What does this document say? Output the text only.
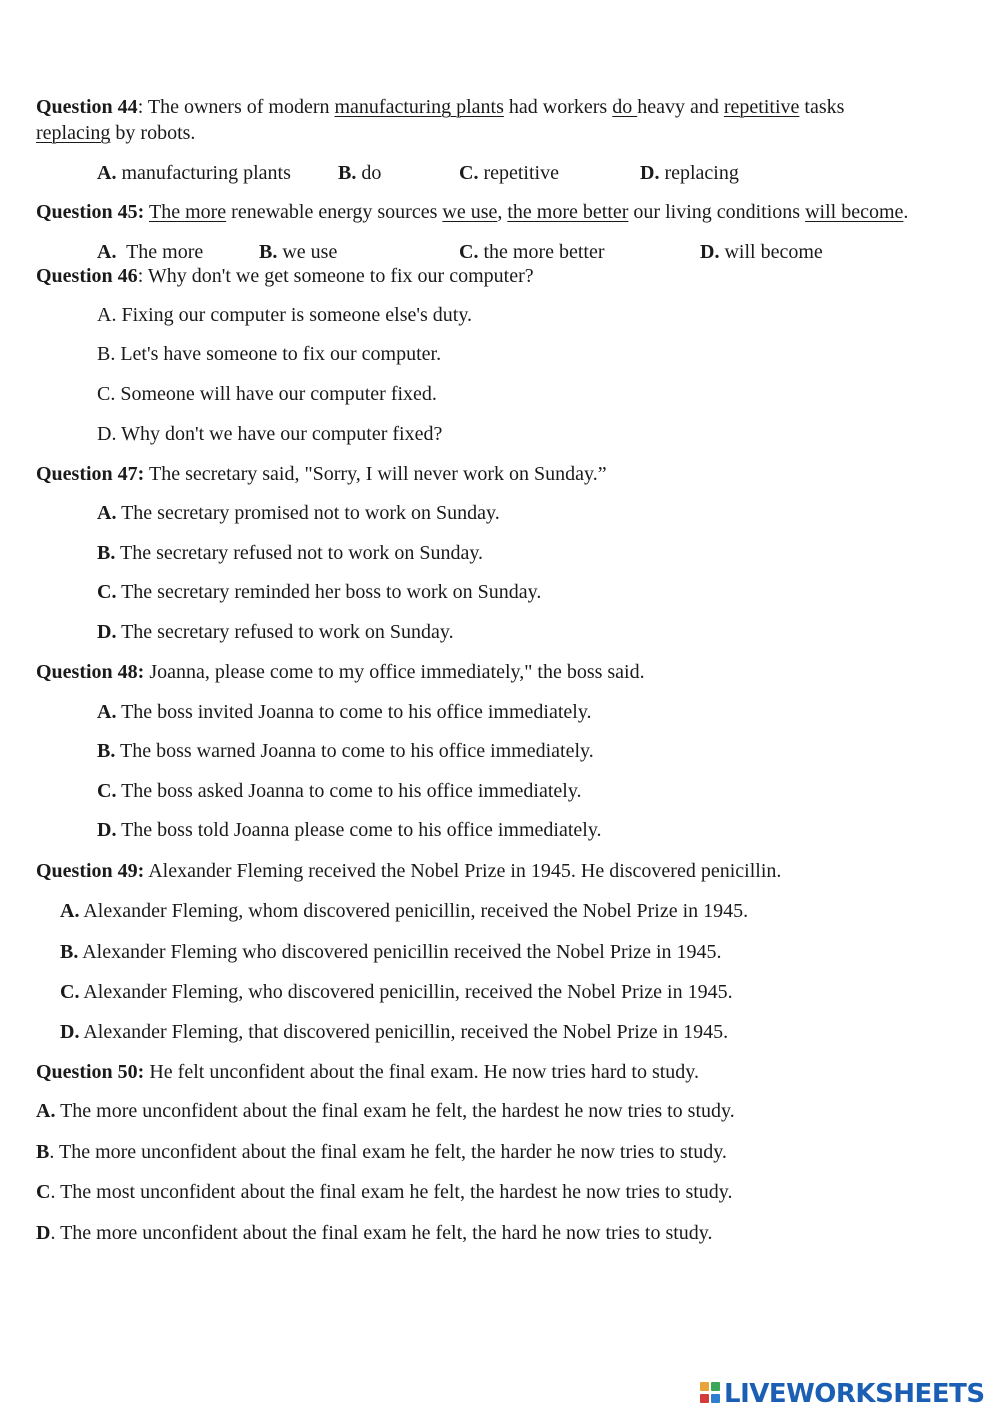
Question 44: The owners of modern manufacturing plants had workers do heavy and repetitive tasks
replacing by robots.
A. manufacturing plants B. do	C. repetitive	D. replacing
Question 45: The more renewable energy sources we use, the more better our living conditions will become.
A.  The more	B. we use	C. the more better	D. will become
Question 46: Why don't we get someone to fix our computer?
A. Fixing our computer is someone else's duty.
B. Let's have someone to fix our computer.
C. Someone will have our computer fixed.
D. Why don't we have our computer fixed?
Question 47: The secretary said, "Sorry, I will never work on Sunday.”
A. The secretary promised not to work on Sunday.
B. The secretary refused not to work on Sunday.
C. The secretary reminded her boss to work on Sunday.
D. The secretary refused to work on Sunday.
Question 48: Joanna, please come to my office immediately," the boss said.
A. The boss invited Joanna to come to his office immediately.
B. The boss warned Joanna to come to his office immediately.
C. The boss asked Joanna to come to his office immediately.
D. The boss told Joanna please come to his office immediately.
Question 49: Alexander Fleming received the Nobel Prize in 1945. He discovered penicillin.
A. Alexander Fleming, whom discovered penicillin, received the Nobel Prize in 1945.
B. Alexander Fleming who discovered penicillin received the Nobel Prize in 1945.
C. Alexander Fleming, who discovered penicillin, received the Nobel Prize in 1945.
D. Alexander Fleming, that discovered penicillin, received the Nobel Prize in 1945.
Question 50: He felt unconfident about the final exam. He now tries hard to study.
A. The more unconfident about the final exam he felt, the hardest he now tries to study.
B. The more unconfident about the final exam he felt, the harder he now tries to study.
C. The most unconfident about the final exam he felt, the hardest he now tries to study.
D. The more unconfident about the final exam he felt, the hard he now tries to study.
LIVEWORKSHEETS
